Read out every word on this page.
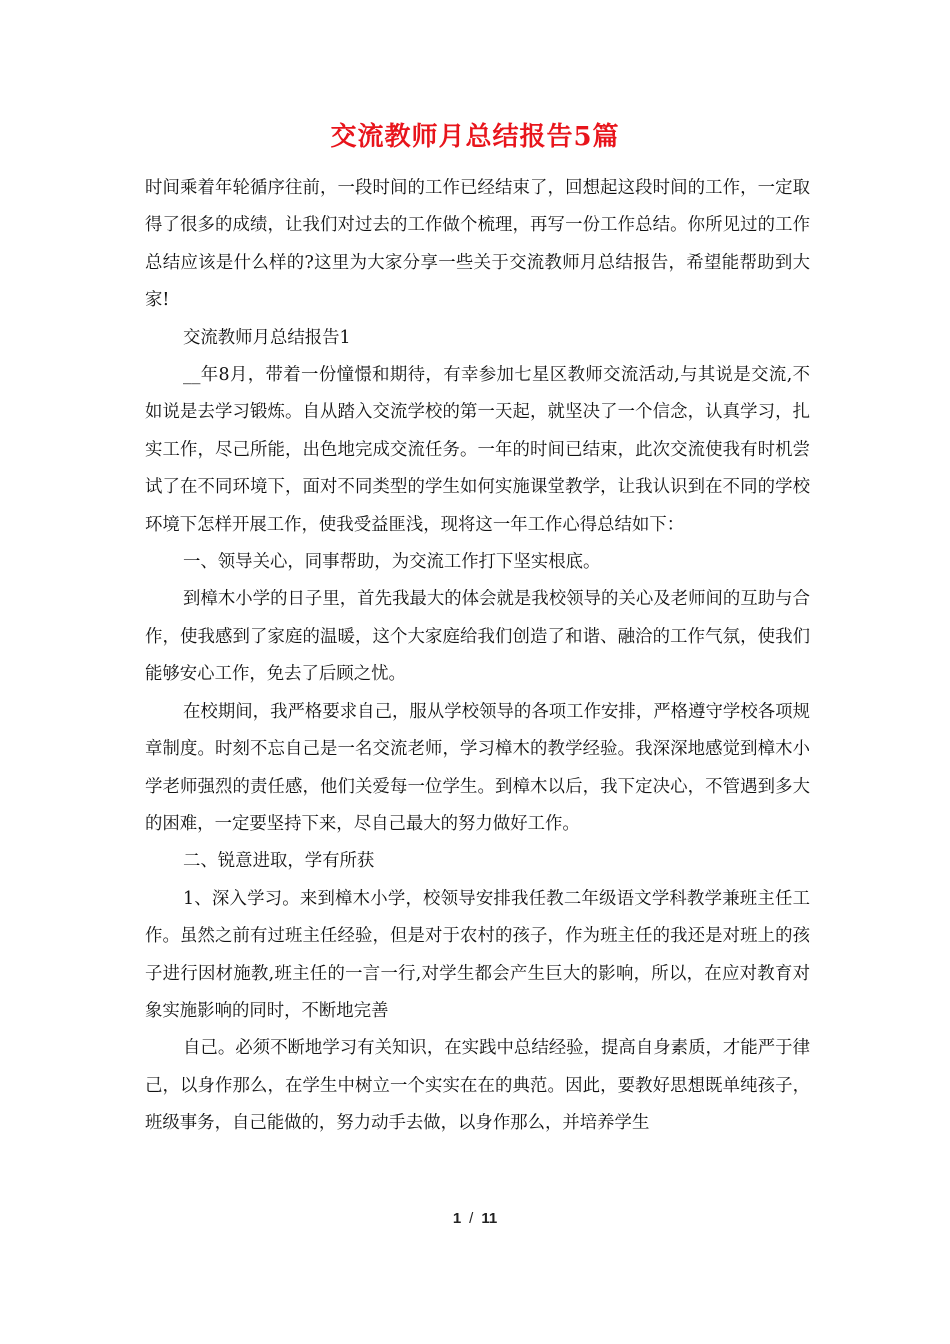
交流教师月总结报告5篇

时间乘着年轮循序往前，一段时间的工作已经结束了，回想起这段时间的工作，一定取得了很多的成绩，让我们对过去的工作做个梳理，再写一份工作总结。你所见过的工作总结应该是什么样的?这里为大家分享一些关于交流教师月总结报告，希望能帮助到大家!

交流教师月总结报告1

__年8月，带着一份憧憬和期待，有幸参加七星区教师交流活动,与其说是交流,不如说是去学习锻炼。自从踏入交流学校的第一天起，就坚决了一个信念，认真学习，扎实工作，尽己所能，出色地完成交流任务。一年的时间已结束，此次交流使我有时机尝试了在不同环境下，面对不同类型的学生如何实施课堂教学，让我认识到在不同的学校环境下怎样开展工作，使我受益匪浅，现将这一年工作心得总结如下：

一、领导关心，同事帮助，为交流工作打下坚实根底。

到樟木小学的日子里，首先我最大的体会就是我校领导的关心及老师间的互助与合作，使我感到了家庭的温暖，这个大家庭给我们创造了和谐、融洽的工作气氛，使我们能够安心工作，免去了后顾之忧。

在校期间，我严格要求自己，服从学校领导的各项工作安排，严格遵守学校各项规章制度。时刻不忘自己是一名交流老师，学习樟木的教学经验。我深深地感觉到樟木小学老师强烈的责任感，他们关爱每一位学生。到樟木以后，我下定决心，不管遇到多大的困难，一定要坚持下来，尽自己最大的努力做好工作。

二、锐意进取，学有所获

1、深入学习。来到樟木小学，校领导安排我任教二年级语文学科教学兼班主任工作。虽然之前有过班主任经验，但是对于农村的孩子，作为班主任的我还是对班上的孩子进行因材施教,班主任的一言一行,对学生都会产生巨大的影响，所以，在应对教育对象实施影响的同时，不断地完善

自己。必须不断地学习有关知识，在实践中总结经验，提高自身素质，才能严于律己，以身作那么，在学生中树立一个实实在在的典范。因此，要教好思想既单纯孩子，班级事务，自己能做的，努力动手去做，以身作那么，并培养学生

1 / 11
